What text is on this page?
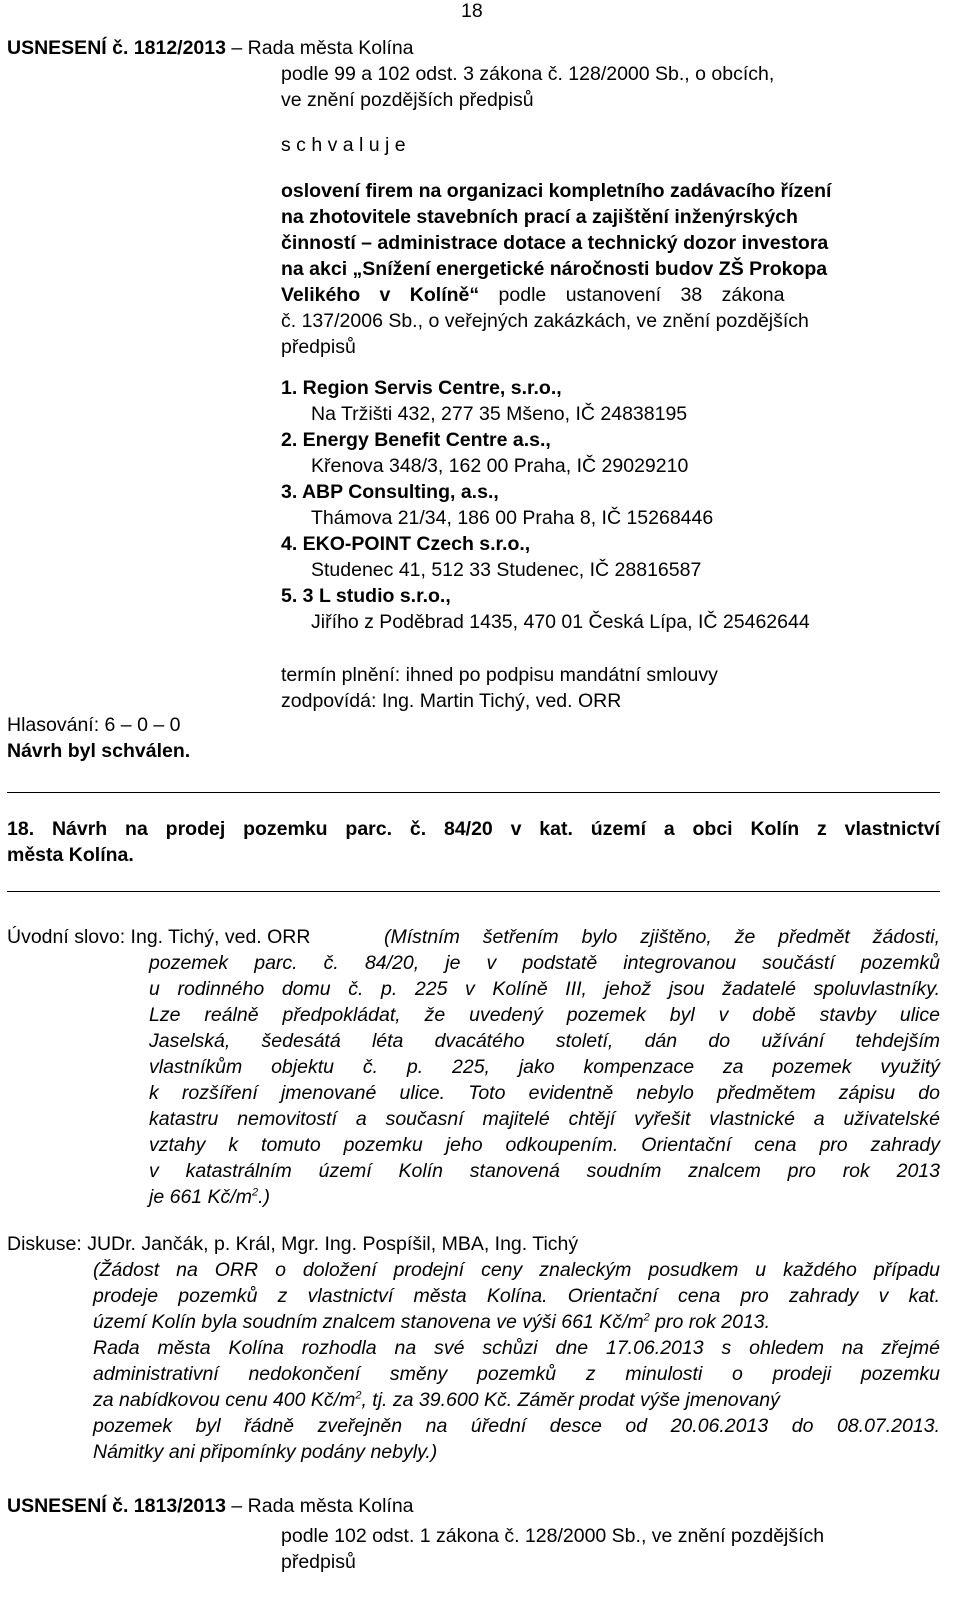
18
USNESENÍ č. 1812/2013 – Rada města Kolína
podle 99 a 102 odst. 3 zákona č. 128/2000 Sb., o obcích,
ve znění pozdějších předpisů
s c h v a l u j e
oslovení firem na organizaci kompletního zadávacího řízení
na zhotovitele stavebních prací a zajištění inženýrských
činností – administrace dotace a technický dozor investora
na akci „Snížení energetické náročnosti budov ZŠ Prokopa
Velikého v Kolíně“ podle ustanovení 38 zákona
č. 137/2006 Sb., o veřejných zakázkách, ve znění pozdějších
předpisů
1. Region Servis Centre, s.r.o.,
Na Tržišti 432, 277 35 Mšeno, IČ 24838195
2. Energy Benefit Centre a.s.,
Křenova 348/3, 162 00 Praha, IČ 29029210
3. ABP Consulting, a.s.,
Thámova 21/34, 186 00 Praha 8, IČ 15268446
4. EKO-POINT Czech s.r.o.,
Studenec 41, 512 33 Studenec, IČ 28816587
5. 3 L studio s.r.o.,
Jiřího z Poděbrad 1435, 470 01 Česká Lípa, IČ 25462644
termín plnění: ihned po podpisu mandátní smlouvy
zodpovídá: Ing. Martin Tichý, ved. ORR
Hlasování: 6 – 0 – 0
Návrh byl schválen.
18. Návrh na prodej pozemku parc. č. 84/20 v kat. území a obci Kolín z vlastnictví
města Kolína.
Úvodní slovo: Ing. Tichý, ved. ORR	(Místním šetřením bylo zjištěno, že předmět žádosti,
pozemek parc. č. 84/20, je v podstatě integrovanou součástí pozemků
u rodinného domu č. p. 225 v Kolíně III, jehož jsou žadatelé spoluvlastníky.
Lze reálně předpokládat, že uvedený pozemek byl v době stavby ulice
Jaselská, šedesátá léta dvacátého století, dán do užívání tehdejším
vlastníkům objektu č. p. 225, jako kompenzace za pozemek využitý
k rozšíření jmenované ulice. Toto evidentně nebylo předmětem zápisu do
katastru nemovitostí a současní majitelé chtějí vyřešit vlastnické a uživatelské
vztahy k tomuto pozemku jeho odkoupením. Orientační cena pro zahrady
v katastrálním území Kolín stanovená soudním znalcem pro rok 2013
je 661 $Kč/m^2$.)
Diskuse: JUDr. Jančák, p. Král, Mgr. Ing. Pospíšil, MBA, Ing. Tichý
(Žádost na ORR o doložení prodejní ceny znaleckým posudkem u každého případu
prodeje pozemků z vlastnictví města Kolína. Orientační cena pro zahrady v kat.
území Kolín byla soudním znalcem stanovena ve výši 661 $Kč/m^2$ pro rok 2013.
Rada města Kolína rozhodla na své schůzi dne 17.06.2013 s ohledem na zřejmé
administrativní nedokončení směny pozemků z minulosti o prodeji pozemku
za nabídkovou cenu 400 $Kč/m^2$, tj. za 39.600 Kč. Záměr prodat výše jmenovaný
pozemek byl řádně zveřejněn na úřední desce od 20.06.2013 do 08.07.2013.
Námitky ani připomínky podány nebyly.)
USNESENÍ č. 1813/2013 – Rada města Kolína
podle 102 odst. 1 zákona č. 128/2000 Sb., ve znění pozdějších
předpisů
